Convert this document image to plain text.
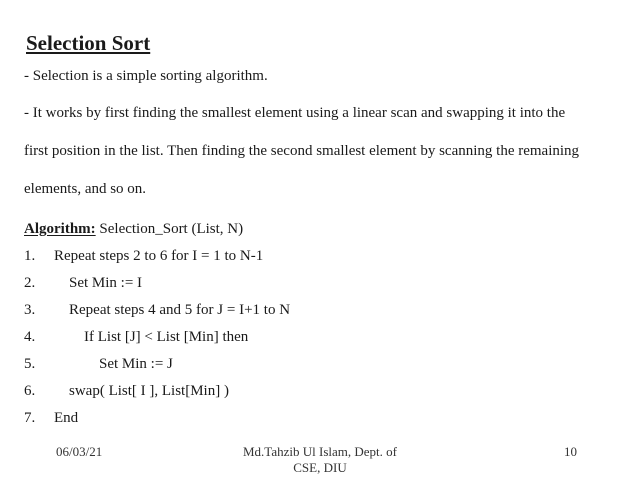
Selection Sort
- Selection is a simple sorting algorithm.
- It works by first finding the smallest element using a linear scan and swapping it into the
first position in the list. Then finding the second smallest element by scanning the remaining
elements, and so on.
Algorithm: Selection_Sort (List, N)
1. Repeat steps 2 to 6 for I = 1 to N-1
2.    Set Min := I
3.    Repeat steps 4 and 5 for J = I+1 to N
4.        If List [J] < List [Min] then
5.            Set Min := J
6.    swap( List[ I ], List[Min] )
7. End
06/03/21	Md.Tahzib Ul Islam, Dept. of CSE, DIU
10
